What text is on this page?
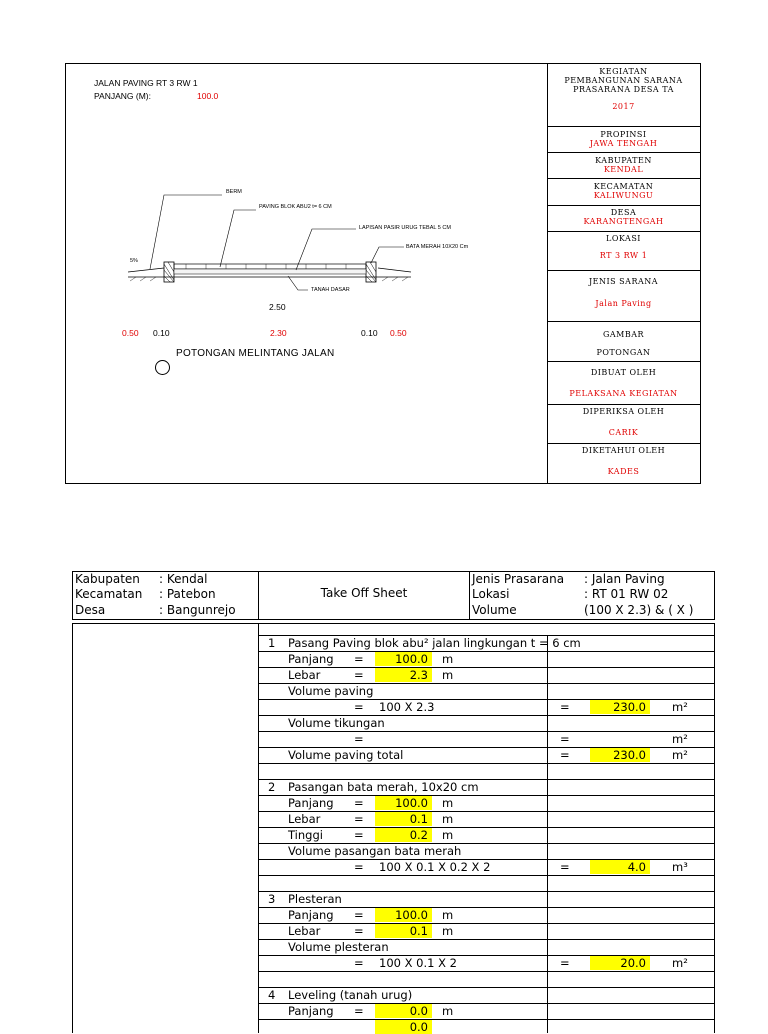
JALAN PAVING RT 3 RW 1
PANJANG (M):	100.0
5%
BERM
PAVING BLOK ABU2 t= 6 CM
LAPISAN PASIR URUG TEBAL 5 CM
BATA MERAH 10X20 Cm
TANAH DASAR
2.50
0.50 0.10	2.30	0.10 0.50
POTONGAN MELINTANG JALAN
KEGIATAN
PEMBANGUNAN SARANA
PRASARANA DESA TA
2017
PROPINSI
JAWA TENGAH
KABUPATEN
KENDAL
KECAMATAN
KALIWUNGU
DESA
KARANGTENGAH
LOKASI
RT 3 RW 1
JENIS SARANA
Jalan Paving
GAMBAR
POTONGAN
DIBUAT OLEH
PELAKSANA KEGIATAN
DIPERIKSA OLEH
CARIK
DIKETAHUI OLEH
KADES
Kabupaten : Kendal
Kecamatan : Patebon
Desa	: Bangunrejo
Take Off Sheet
Jenis Prasarana : Jalan Paving
Lokasi	: RT 01 RW 02
Volume	(100 X 2.3) & ( X )
1 Pasang Paving blok abu² jalan lingkungan t = 6 cm
Panjang =	100.0	m
Lebar	=	2.3	m
Volume paving
= 100 X 2.3	=	230.0	m²
Volume tikungan
=	=	m²
Volume paving total	=	230.0	m²
2 Pasangan bata merah, 10x20 cm
Panjang =	100.0	m
Lebar	=	0.1	m
Tinggi	=	0.2	m
Volume pasangan bata merah
= 100 X 0.1 X 0.2 X 2	=	4.0	m³
3 Plesteran
Panjang =	100.0	m
Lebar	=	0.1	m
Volume plesteran
= 100 X 0.1 X 2	=	20.0	m²
4 Leveling (tanah urug)
Panjang =	0.0	m
0.0
